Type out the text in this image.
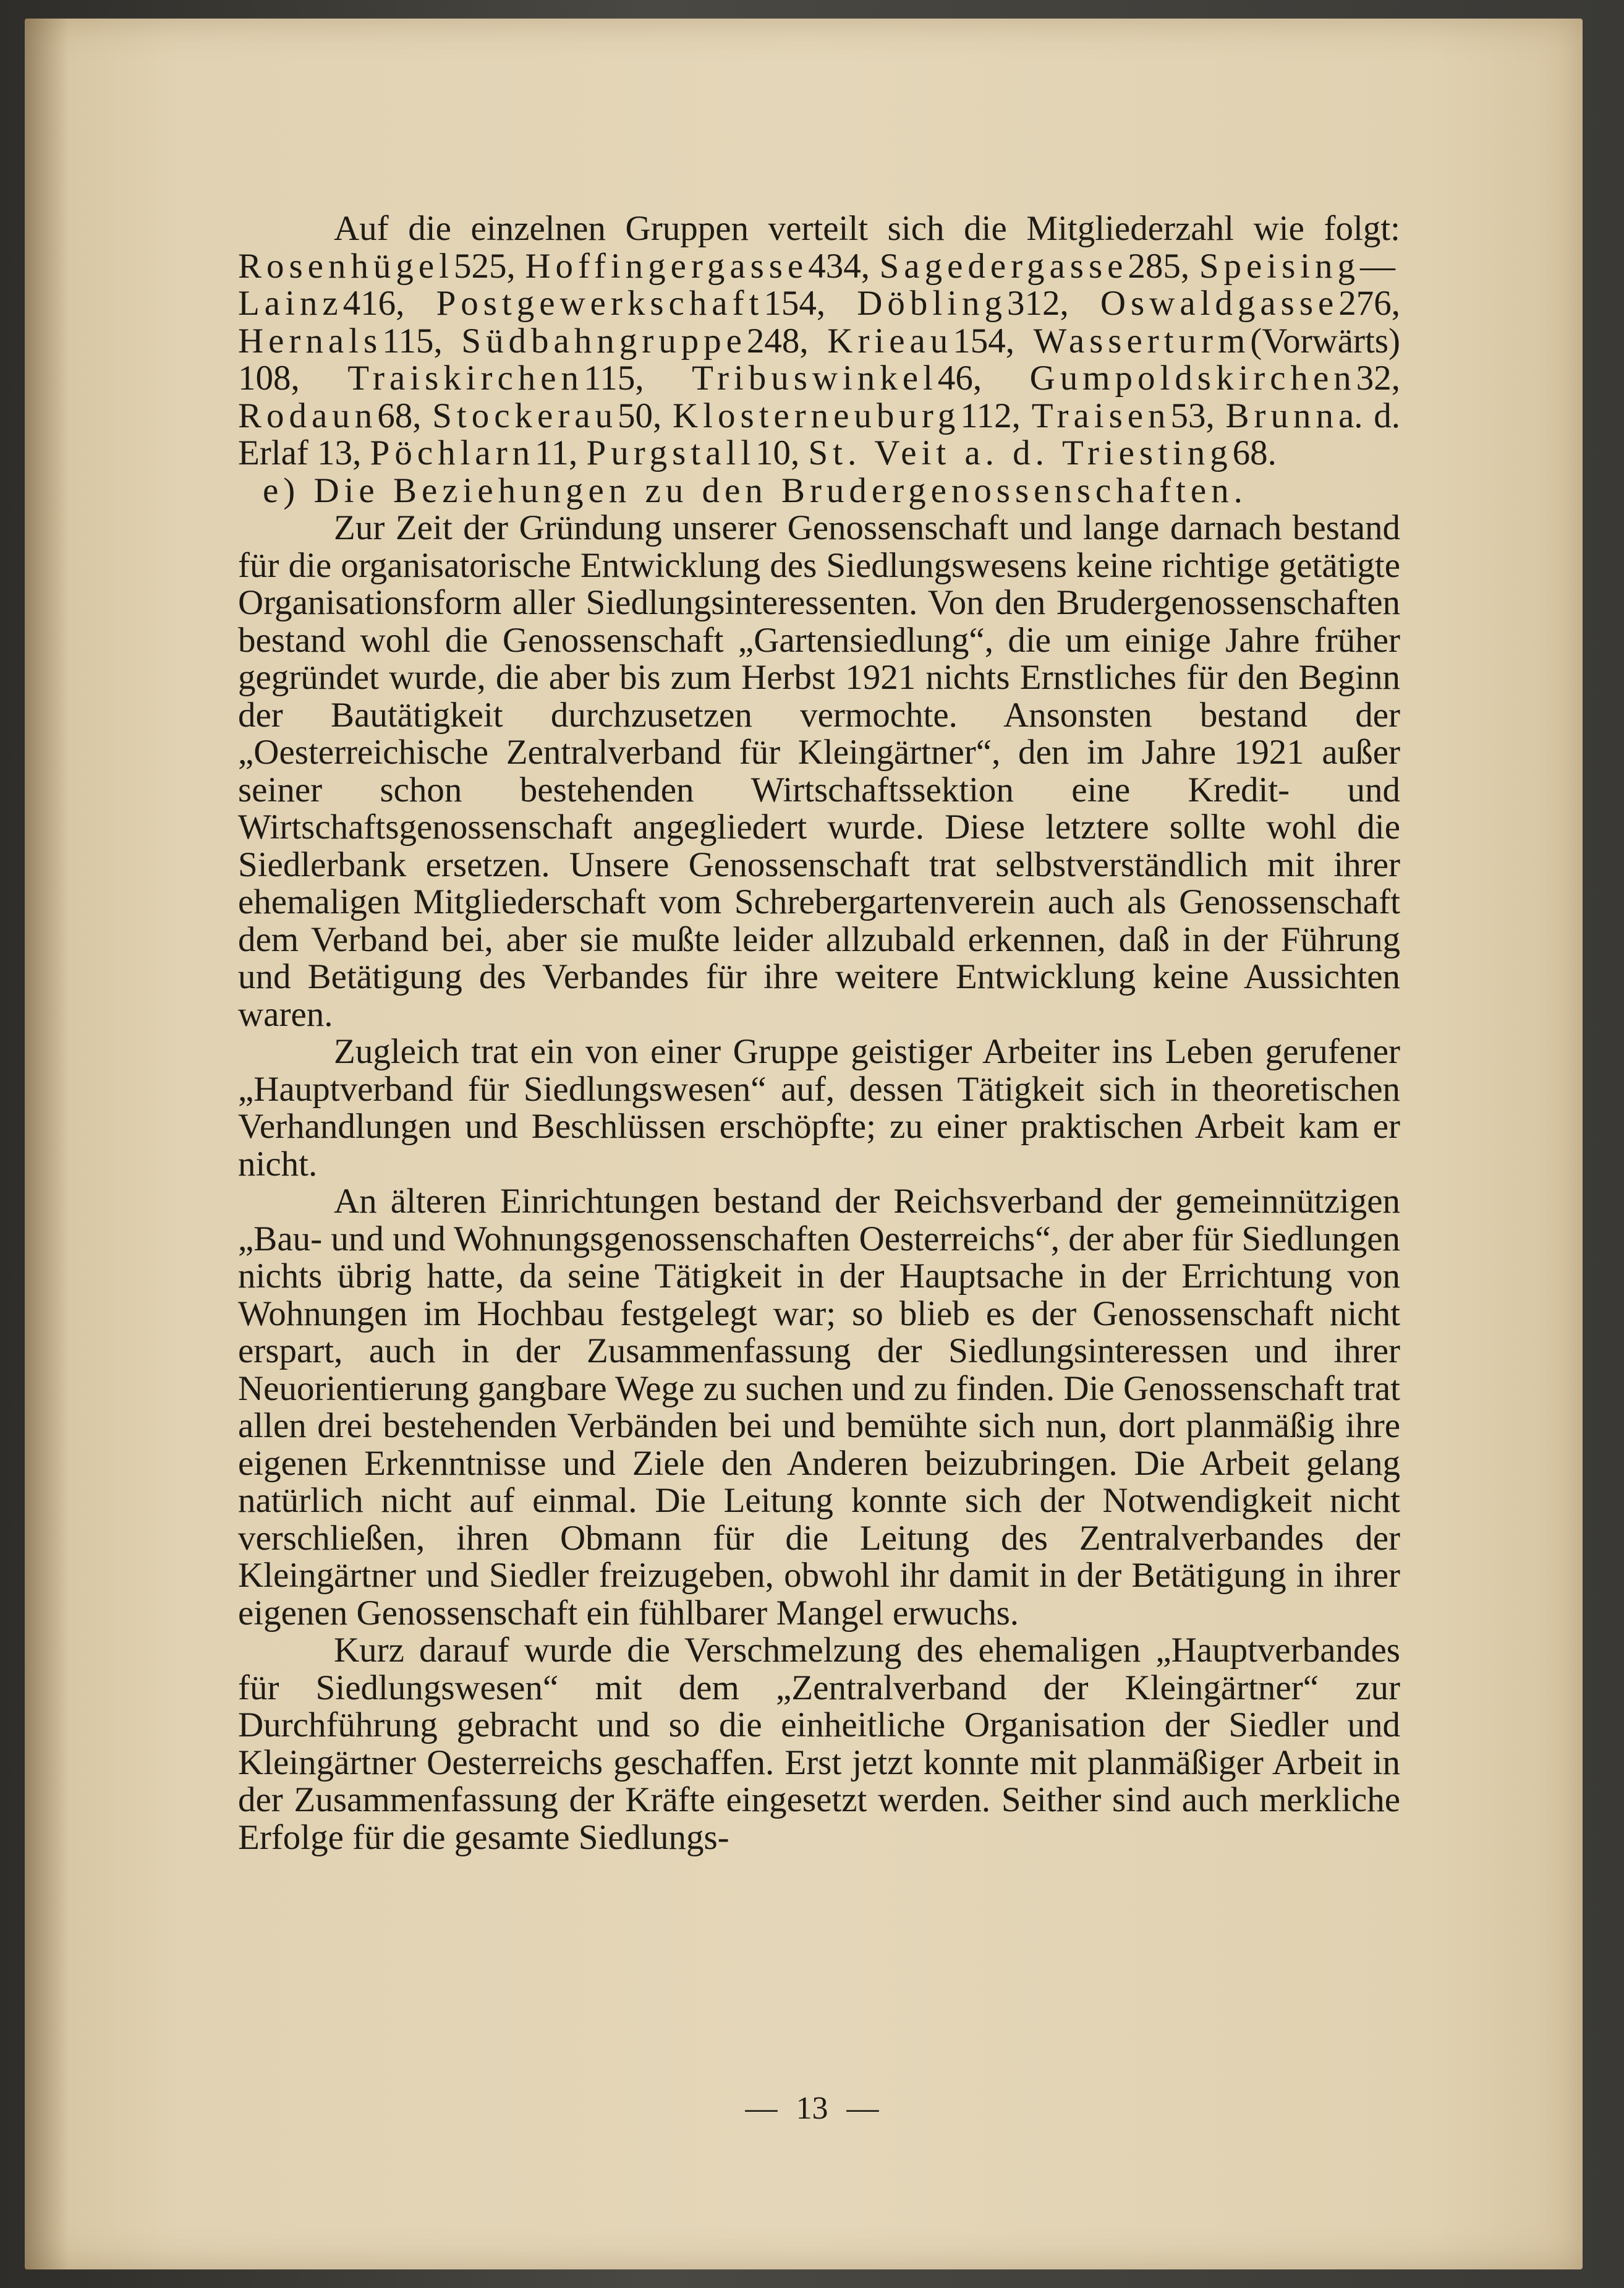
Auf die einzelnen Gruppen verteilt sich die Mitgliederzahl wie folgt: Rosenhügel525, Hoffingergasse434, Sagedergasse285, Speising—Lainz416, Postgewerkschaft154, Döbling312, Oswaldgasse276, Hernals115, Südbahngruppe248, Krieau154, Wasserturm(Vorwärts) 108, Traiskirchen115, Tribuswinkel46, Gumpoldskirchen32, Rodaun68, Stockerau50, Klosterneuburg112, Traisen53, Brunna. d. Erlaf 13, Pöchlarn11, Purgstall10, St. Veit a. d. Triesting68.

e) Die Beziehungen zu den Brudergenossenschaften.

Zur Zeit der Gründung unserer Genossenschaft und lange darnach bestand für die organisatorische Entwicklung des Siedlungswesens keine richtige getätigte Organisationsform aller Siedlungsinteressenten. Von den Brudergenossenschaften bestand wohl die Genossenschaft „Gartensiedlung“, die um einige Jahre früher gegründet wurde, die aber bis zum Herbst 1921 nichts Ernstliches für den Beginn der Bautätigkeit durchzusetzen vermochte. Ansonsten bestand der „Oesterreichische Zentralverband für Kleingärtner“, den im Jahre 1921 außer seiner schon bestehenden Wirtschaftssektion eine Kredit- und Wirtschaftsgenossenschaft angegliedert wurde. Diese letztere sollte wohl die Siedlerbank ersetzen. Unsere Genossenschaft trat selbstverständlich mit ihrer ehemaligen Mitgliederschaft vom Schrebergartenverein auch als Genossenschaft dem Verband bei, aber sie mußte leider allzubald erkennen, daß in der Führung und Betätigung des Verbandes für ihre weitere Entwicklung keine Aussichten waren.

Zugleich trat ein von einer Gruppe geistiger Arbeiter ins Leben gerufener „Hauptverband für Siedlungswesen“ auf, dessen Tätigkeit sich in theoretischen Verhandlungen und Beschlüssen erschöpfte; zu einer praktischen Arbeit kam er nicht.

An älteren Einrichtungen bestand der Reichsverband der gemeinnützigen „Bau- und und Wohnungsgenossenschaften Oesterreichs“, der aber für Siedlungen nichts übrig hatte, da seine Tätigkeit in der Hauptsache in der Errichtung von Wohnungen im Hochbau festgelegt war; so blieb es der Genossenschaft nicht erspart, auch in der Zusammenfassung der Siedlungsinteressen und ihrer Neuorientierung gangbare Wege zu suchen und zu finden. Die Genossenschaft trat allen drei bestehenden Verbänden bei und bemühte sich nun, dort planmäßig ihre eigenen Erkenntnisse und Ziele den Anderen beizubringen. Die Arbeit gelang natürlich nicht auf einmal. Die Leitung konnte sich der Notwendigkeit nicht verschließen, ihren Obmann für die Leitung des Zentralverbandes der Kleingärtner und Siedler freizugeben, obwohl ihr damit in der Betätigung in ihrer eigenen Genossenschaft ein fühlbarer Mangel erwuchs.

Kurz darauf wurde die Verschmelzung des ehemaligen „Hauptverbandes für Siedlungswesen“ mit dem „Zentralverband der Kleingärtner“ zur Durchführung gebracht und so die einheitliche Organisation der Siedler und Kleingärtner Oesterreichs geschaffen. Erst jetzt konnte mit planmäßiger Arbeit in der Zusammenfassung der Kräfte eingesetzt werden. Seither sind auch merkliche Erfolge für die gesamte Siedlungs-

— 13 —
